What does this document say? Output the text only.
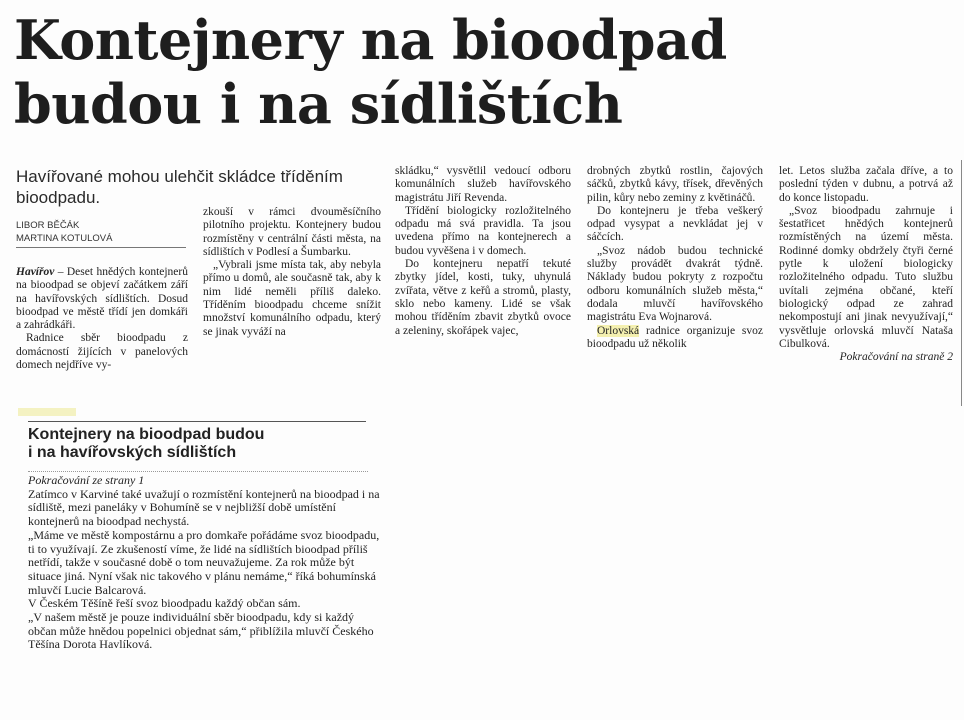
Kontejnery na bioodpad
budou i na sídlištích
Havířované mohou ulehčit skládce tříděním bioodpadu.
LIBOR BĚČÁK
MARTINA KOTULOVÁ

Havířov – Deset hnědých kontejnerů na bioodpad se objeví začátkem září na havířovských sídlištích. Dosud bioodpad ve městě třídí jen domkáři a zahrádkáři.

Radnice sběr bioodpadu z domácností žijících v panelových domech nejdříve vy-

zkouší v rámci dvouměsíčního pilotního projektu. Kontejnery budou rozmístěny v centrální části města, na sídlištích v Podlesí a Šumbarku.

„Vybrali jsme místa tak, aby nebyla přímo u domů, ale současně tak, aby k nim lidé neměli příliš daleko. Tříděním bioodpadu chceme snížit množství komunálního odpadu, který se jinak vyváží na

skládku,“ vysvětlil vedoucí odboru komunálních služeb havířovského magistrátu Jiří Revenda.

Třídění biologicky rozložitelného odpadu má svá pravidla. Ta jsou uvedena přímo na kontejnerech a budou vyvěšena i v domech.

Do kontejneru nepatří tekuté zbytky jídel, kosti, tuky, uhynulá zvířata, větve z keřů a stromů, plasty, sklo nebo kameny. Lidé se však mohou tříděním zbavit zbytků ovoce a zeleniny, skořápek vajec,

drobných zbytků rostlin, čajových sáčků, zbytků kávy, třísek, dřevěných pilin, kůry nebo zeminy z květináčů.

Do kontejneru je třeba veškerý odpad vysypat a nevkládat jej v sáčcích.

„Svoz nádob budou technické služby provádět dvakrát týdně. Náklady budou pokryty z rozpočtu odboru komunálních služeb města,“ dodala mluvčí havířovského magistrátu Eva Wojnarová.

Orlovská radnice organizuje svoz bioodpadu už několik

let. Letos služba začala dříve, a to poslední týden v dubnu, a potrvá až do konce listopadu.

„Svoz bioodpadu zahrnuje i šestatřicet hnědých kontejnerů rozmístěných na území města. Rodinné domky obdržely čtyři černé pytle k uložení biologicky rozložitelného odpadu. Tuto službu uvítali zejména občané, kteří biologický odpad ze zahrad nekompostují ani jinak nevyužívají,“ vysvětluje orlovská mluvčí Nataša Cibulková.

Pokračování na straně 2
Kontejnery na bioodpad budou
i na havířovských sídlištích

Pokračování ze strany 1

Zatímco v Karviné také uvažují o rozmístění kontejnerů na bioodpad i na sídliště, mezi paneláky v Bohumíně se v nejbližší době umístění kontejnerů na bioodpad nechystá.

„Máme ve městě kompostárnu a pro domkaře pořádáme svoz bioodpadu, ti to využívají. Ze zkušeností víme, že lidé na sídlištích bioodpad příliš netřídí, takže v současné době o tom neuvažujeme. Za rok může být situace jiná. Nyní však nic takového v plánu nemáme,“ říká bohumínská mluvčí Lucie Balcarová.

V Českém Těšíně řeší svoz bioodpadu každý občan sám.

„V našem městě je pouze individuální sběr bioodpadu, kdy si každý občan může hnědou popelnici objednat sám,“ přiblížila mluvčí Českého Těšína Dorota Havlíková.
